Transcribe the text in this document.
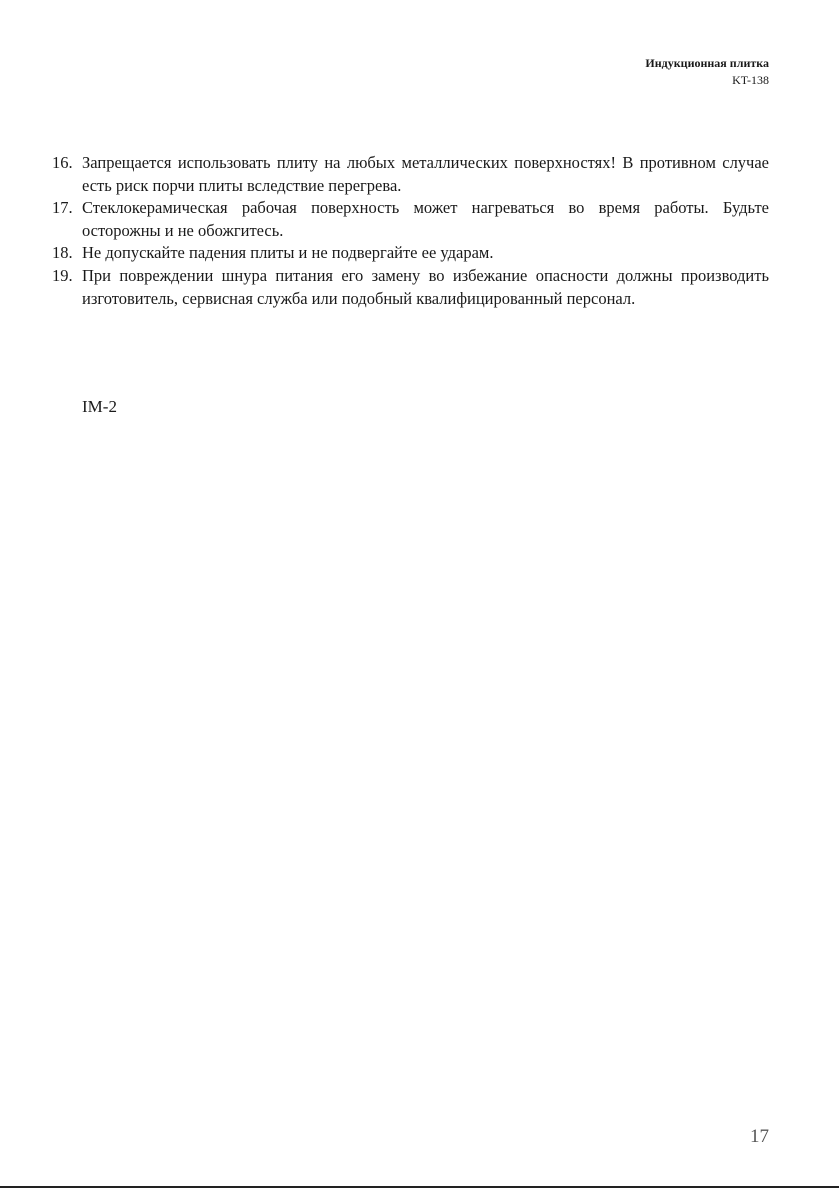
Индукционная плитка
KT-138
16. Запрещается использовать плиту на любых металлических поверхностях! В противном случае есть риск порчи плиты вследствие перегрева.
17. Стеклокерамическая рабочая поверхность может нагреваться во время работы. Будьте осторожны и не обожгитесь.
18. Не допускайте падения плиты и не подвергайте ее ударам.
19. При повреждении шнура питания его замену во избежание опасности должны производить изготовитель, сервисная служба или подобный квалифицированный персонал.
IM-2
17
